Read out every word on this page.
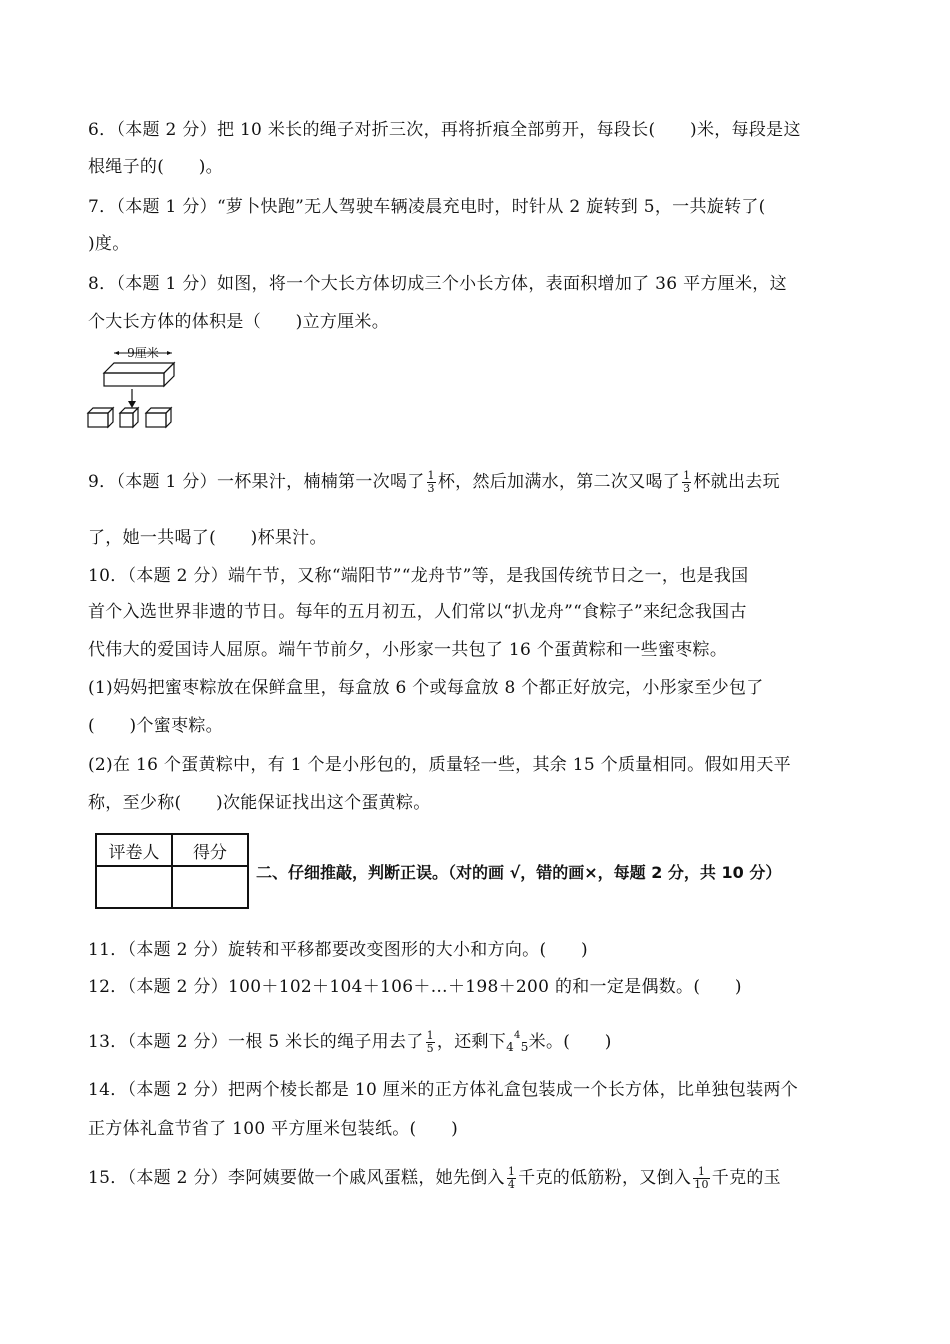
6．（本题 2 分）把 10 米长的绳子对折三次，再将折痕全部剪开，每段长(　　)米，每段是这
根绳子的(　　)。
7．（本题 1 分）“萝卜快跑”无人驾驶车辆凌晨充电时，时针从 2 旋转到 5，一共旋转了(
)度。
8．（本题 1 分）如图，将一个大长方体切成三个小长方体，表面积增加了 36 平方厘米，这
个大长方体的体积是（　　)立方厘米。
9厘米
9．（本题 1 分）一杯果汁，楠楠第一次喝了 $\frac{1}{3}$ 杯，然后加满水，第二次又喝了 $\frac{1}{3}$ 杯就出去玩
了，她一共喝了(　　)杯果汁。
10．（本题 2 分）端午节，又称“端阳节”“龙舟节”等，是我国传统节日之一，也是我国
首个入选世界非遗的节日。每年的五月初五，人们常以“扒龙舟”“食粽子”来纪念我国古
代伟大的爱国诗人屈原。端午节前夕，小彤家一共包了 16 个蛋黄粽和一些蜜枣粽。
(1)妈妈把蜜枣粽放在保鲜盒里，每盒放 6 个或每盒放 8 个都正好放完，小彤家至少包了
(　　)个蜜枣粽。
(2)在 16 个蛋黄粽中，有 1 个是小彤包的，质量轻一些，其余 15 个质量相同。假如用天平
称，至少称(　　)次能保证找出这个蛋黄粽。
评卷人	得分

二、仔细推敲，判断正误。（对的画 √，错的画×，每题 2 分，共 10 分）
11．（本题 2 分）旋转和平移都要改变图形的大小和方向。(　　)
12．（本题 2 分）100＋102＋104＋106＋…＋198＋200 的和一定是偶数。(　　)
13．（本题 2 分）一根 5 米长的绳子用去了 $\frac{1}{5}$ ，还剩下$_4^4_5$米。(　　)
14．（本题 2 分）把两个棱长都是 10 厘米的正方体礼盒包装成一个长方体，比单独包装两个
正方体礼盒节省了 100 平方厘米包装纸。(　　)
15．（本题 2 分）李阿姨要做一个戚风蛋糕，她先倒入 $\frac{1}{4}$ 千克的低筋粉，又倒入 $\frac{1}{10}$ 千克的玉
